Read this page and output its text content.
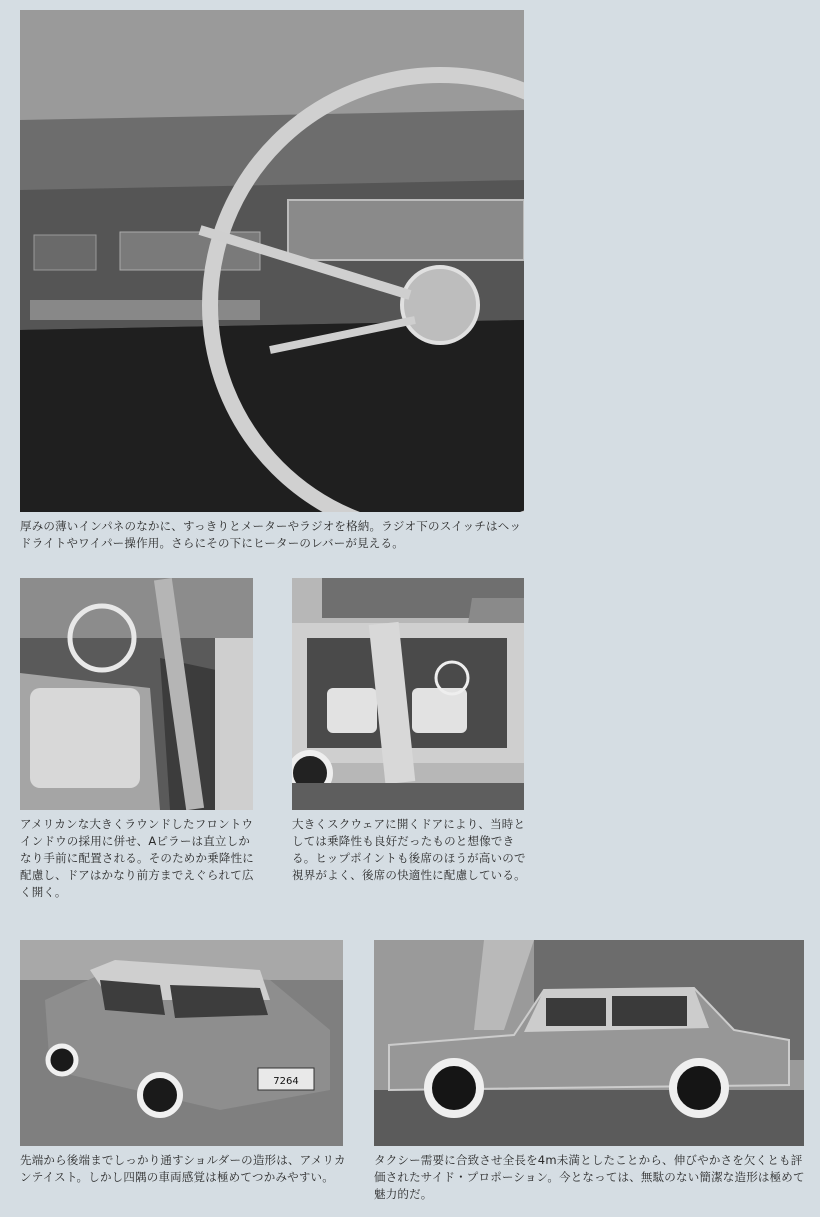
厚みの薄いインパネのなかに、すっきりとメーターやラジオを格納。ラジオ下のスイッチはヘッドライトやワイパー操作用。さらにその下にヒーターのレバーが見える。

アメリカンな大きくラウンドしたフロントウインドウの採用に併せ、Aピラーは直立しかなり手前に配置される。そのためか乗降性に配慮し、ドアはかなり前方までえぐられて広く開く。

大きくスクウェアに開くドアにより、当時としては乗降性も良好だったものと想像できる。ヒップポイントも後席のほうが高いので視界がよく、後席の快適性に配慮している。

7264

先端から後端までしっかり通すショルダーの造形は、アメリカンテイスト。しかし四隅の車両感覚は極めてつかみやすい。

タクシー需要に合致させ全長を4m未満としたことから、伸びやかさを欠くとも評価されたサイド・プロポーション。今となっては、無駄のない簡潔な造形は極めて魅力的だ。
